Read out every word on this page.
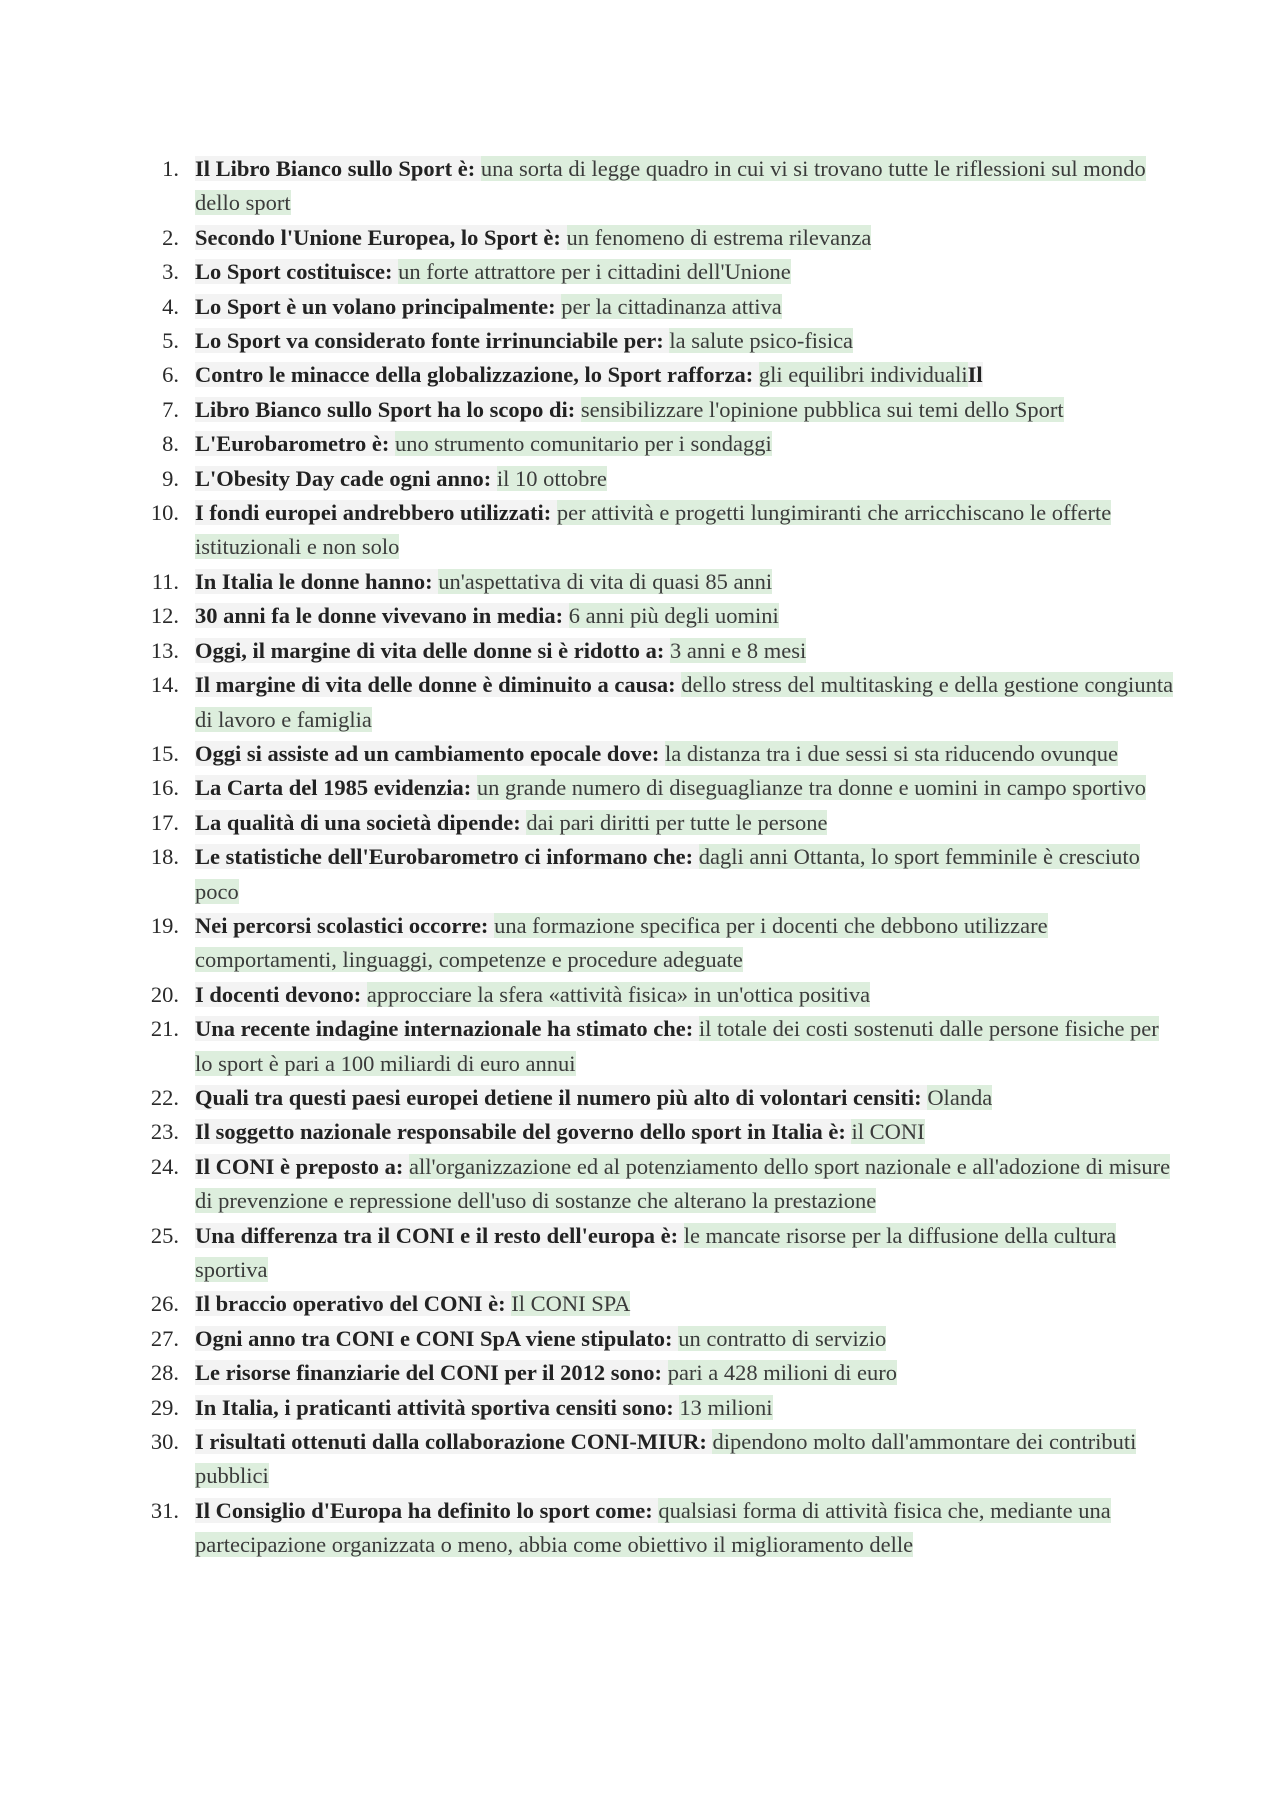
1. Il Libro Bianco sullo Sport è: una sorta di legge quadro in cui vi si trovano tutte le riflessioni sul mondo dello sport
2. Secondo l'Unione Europea, lo Sport è: un fenomeno di estrema rilevanza
3. Lo Sport costituisce: un forte attrattore per i cittadini dell'Unione
4. Lo Sport è un volano principalmente: per la cittadinanza attiva
5. Lo Sport va considerato fonte irrinunciabile per: la salute psico-fisica
6. Contro le minacce della globalizzazione, lo Sport rafforza: gli equilibri individualiIl
7. Libro Bianco sullo Sport ha lo scopo di: sensibilizzare l'opinione pubblica sui temi dello Sport
8. L'Eurobarometro è: uno strumento comunitario per i sondaggi
9. L'Obesity Day cade ogni anno: il 10 ottobre
10. I fondi europei andrebbero utilizzati: per attività e progetti lungimiranti che arricchiscano le offerte istituzionali e non solo
11. In Italia le donne hanno: un'aspettativa di vita di quasi 85 anni
12. 30 anni fa le donne vivevano in media: 6 anni più degli uomini
13. Oggi, il margine di vita delle donne si è ridotto a: 3 anni e 8 mesi
14. Il margine di vita delle donne è diminuito a causa: dello stress del multitasking e della gestione congiunta di lavoro e famiglia
15. Oggi si assiste ad un cambiamento epocale dove: la distanza tra i due sessi si sta riducendo ovunque
16. La Carta del 1985 evidenzia: un grande numero di diseguaglianze tra donne e uomini in campo sportivo
17. La qualità di una società dipende: dai pari diritti per tutte le persone
18. Le statistiche dell'Eurobarometro ci informano che: dagli anni Ottanta, lo sport femminile è cresciuto poco
19. Nei percorsi scolastici occorre: una formazione specifica per i docenti che debbono utilizzare comportamenti, linguaggi, competenze e procedure adeguate
20. I docenti devono: approcciare la sfera «attività fisica» in un'ottica positiva
21. Una recente indagine internazionale ha stimato che: il totale dei costi sostenuti dalle persone fisiche per lo sport è pari a 100 miliardi di euro annui
22. Quali tra questi paesi europei detiene il numero più alto di volontari censiti: Olanda
23. Il soggetto nazionale responsabile del governo dello sport in Italia è: il CONI
24. Il CONI è preposto a: all'organizzazione ed al potenziamento dello sport nazionale e all'adozione di misure di prevenzione e repressione dell'uso di sostanze che alterano la prestazione
25. Una differenza tra il CONI e il resto dell'europa è: le mancate risorse per la diffusione della cultura sportiva
26. Il braccio operativo del CONI è: Il CONI SPA
27. Ogni anno tra CONI e CONI SpA viene stipulato: un contratto di servizio
28. Le risorse finanziarie del CONI per il 2012 sono: pari a 428 milioni di euro
29. In Italia, i praticanti attività sportiva censiti sono: 13 milioni
30. I risultati ottenuti dalla collaborazione CONI-MIUR: dipendono molto dall'ammontare dei contributi pubblici
31. Il Consiglio d'Europa ha definito lo sport come: qualsiasi forma di attività fisica che, mediante una partecipazione organizzata o meno, abbia come obiettivo il miglioramento delle
